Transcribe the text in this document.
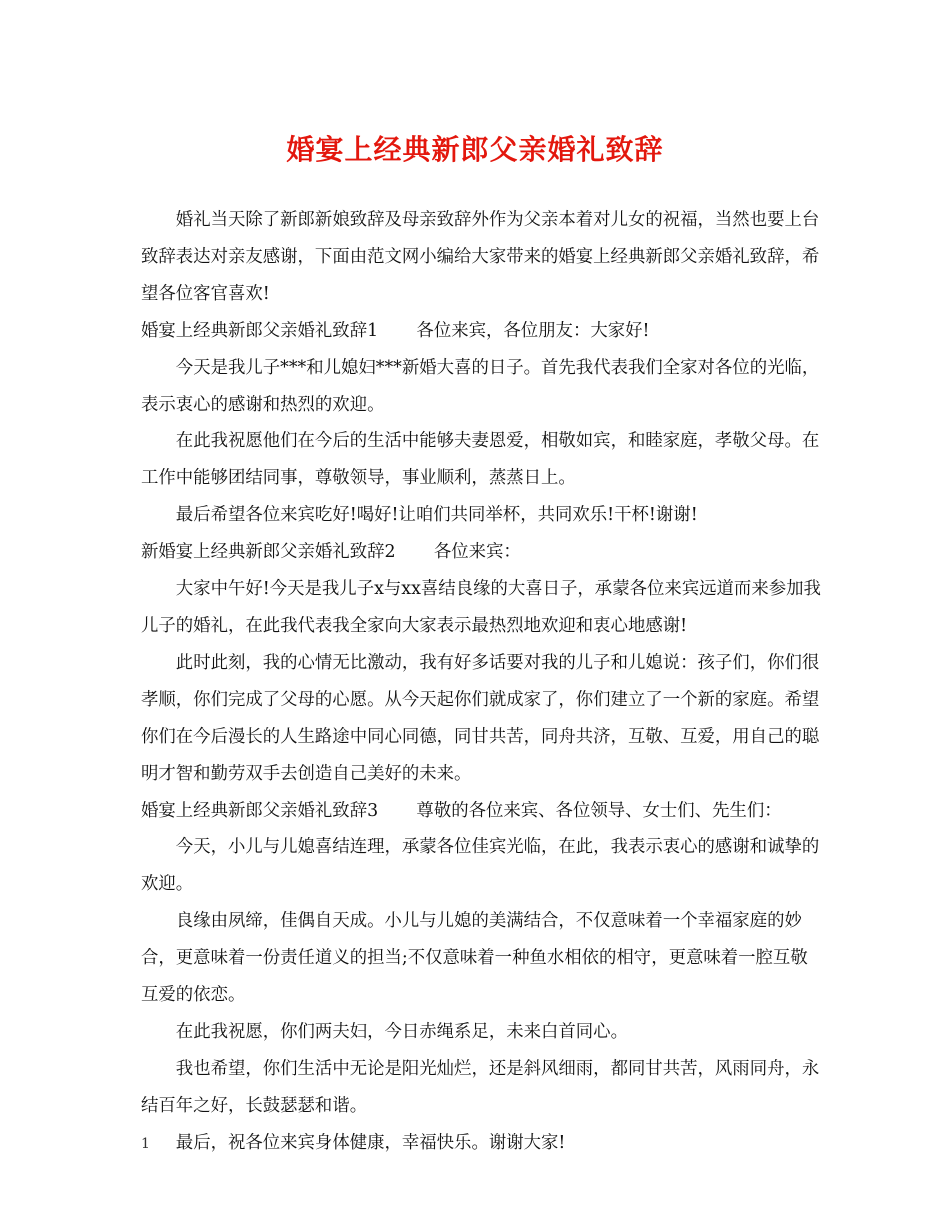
婚宴上经典新郎父亲婚礼致辞

婚礼当天除了新郎新娘致辞及母亲致辞外作为父亲本着对儿女的祝福，当然也要上台致辞表达对亲友感谢，下面由范文网小编给大家带来的婚宴上经典新郎父亲婚礼致辞，希望各位客官喜欢!

婚宴上经典新郎父亲婚礼致辞1 各位来宾，各位朋友：大家好!

今天是我儿子***和儿媳妇***新婚大喜的日子。首先我代表我们全家对各位的光临，表示衷心的感谢和热烈的欢迎。

在此我祝愿他们在今后的生活中能够夫妻恩爱，相敬如宾，和睦家庭，孝敬父母。在工作中能够团结同事，尊敬领导，事业顺利，蒸蒸日上。

最后希望各位来宾吃好!喝好!让咱们共同举杯，共同欢乐!干杯!谢谢!

新婚宴上经典新郎父亲婚礼致辞2 各位来宾：

大家中午好!今天是我儿子x与xx喜结良缘的大喜日子，承蒙各位来宾远道而来参加我儿子的婚礼，在此我代表我全家向大家表示最热烈地欢迎和衷心地感谢!

此时此刻，我的心情无比激动，我有好多话要对我的儿子和儿媳说：孩子们，你们很孝顺，你们完成了父母的心愿。从今天起你们就成家了，你们建立了一个新的家庭。希望你们在今后漫长的人生路途中同心同德，同甘共苦，同舟共济，互敬、互爱，用自己的聪明才智和勤劳双手去创造自己美好的未来。

婚宴上经典新郎父亲婚礼致辞3 尊敬的各位来宾、各位领导、女士们、先生们：

今天，小儿与儿媳喜结连理，承蒙各位佳宾光临，在此，我表示衷心的感谢和诚挚的欢迎。

良缘由夙缔，佳偶自天成。小儿与儿媳的美满结合，不仅意味着一个幸福家庭的妙合，更意味着一份责任道义的担当;不仅意味着一种鱼水相依的相守，更意味着一腔互敬互爱的依恋。

在此我祝愿，你们两夫妇，今日赤绳系足，未来白首同心。

我也希望，你们生活中无论是阳光灿烂，还是斜风细雨，都同甘共苦，风雨同舟，永结百年之好，长鼓瑟瑟和谐。

最后，祝各位来宾身体健康，幸福快乐。谢谢大家!

1
